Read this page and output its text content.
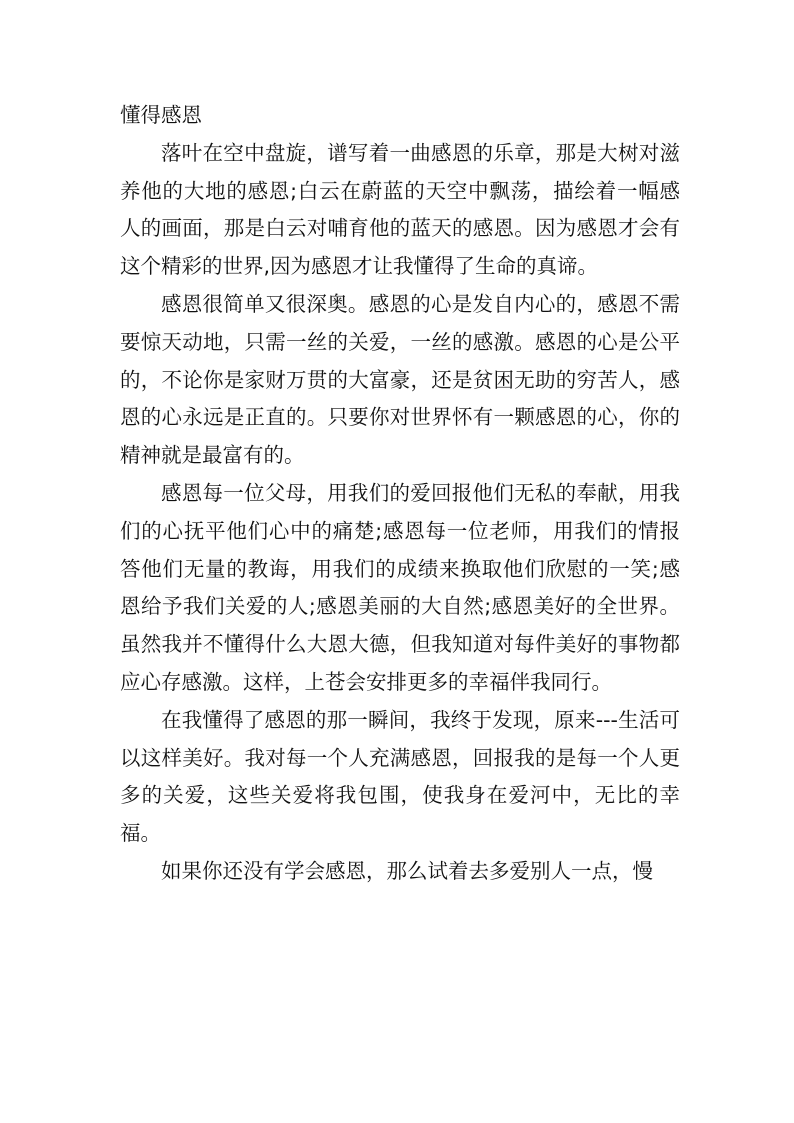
懂得感恩

落叶在空中盘旋，谱写着一曲感恩的乐章，那是大树对滋养他的大地的感恩;白云在蔚蓝的天空中飘荡，描绘着一幅感人的画面，那是白云对哺育他的蓝天的感恩。因为感恩才会有这个精彩的世界,因为感恩才让我懂得了生命的真谛。

感恩很简单又很深奥。感恩的心是发自内心的，感恩不需要惊天动地，只需一丝的关爱，一丝的感激。感恩的心是公平的，不论你是家财万贯的大富豪，还是贫困无助的穷苦人，感恩的心永远是正直的。只要你对世界怀有一颗感恩的心，你的精神就是最富有的。

感恩每一位父母，用我们的爱回报他们无私的奉献，用我们的心抚平他们心中的痛楚;感恩每一位老师，用我们的情报答他们无量的教诲，用我们的成绩来换取他们欣慰的一笑;感恩给予我们关爱的人;感恩美丽的大自然;感恩美好的全世界。虽然我并不懂得什么大恩大德，但我知道对每件美好的事物都应心存感激。这样，上苍会安排更多的幸福伴我同行。

在我懂得了感恩的那一瞬间，我终于发现，原来---生活可以这样美好。我对每一个人充满感恩，回报我的是每一个人更多的关爱，这些关爱将我包围，使我身在爱河中，无比的幸福。

如果你还没有学会感恩，那么试着去多爱别人一点，慢
